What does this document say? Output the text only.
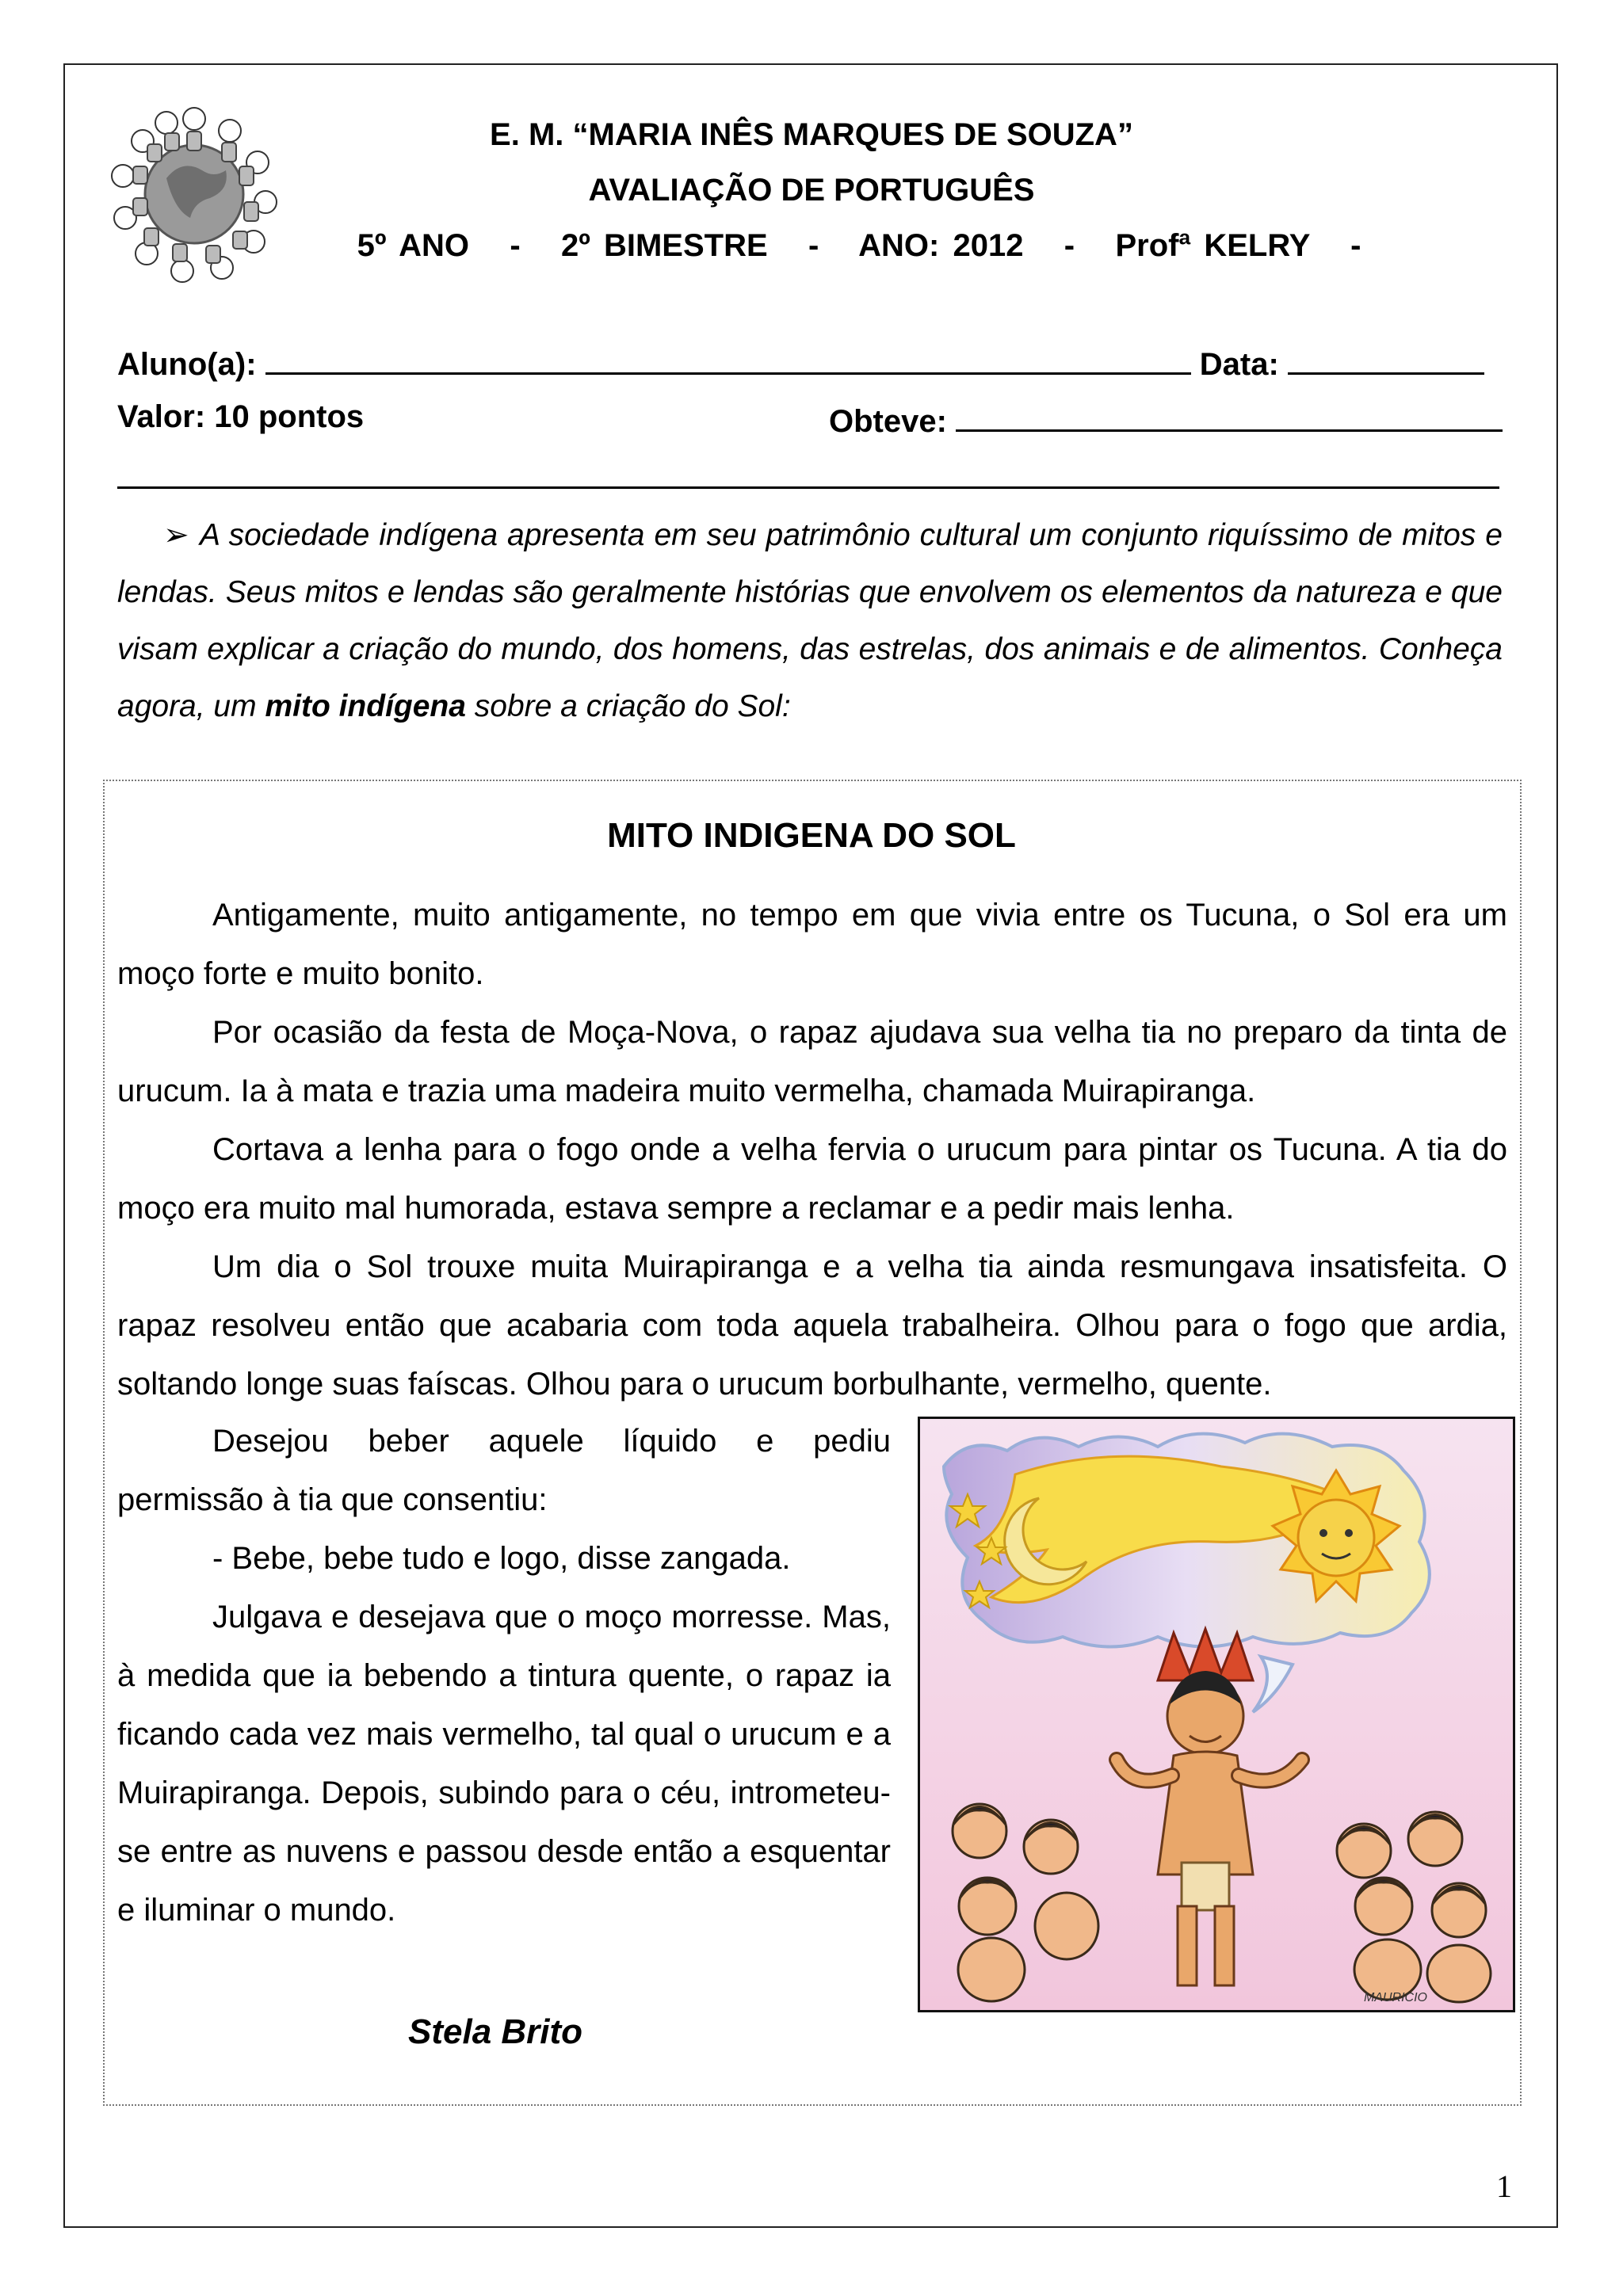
E. M. “MARIA INÊS MARQUES DE SOUZA”
AVALIAÇÃO DE PORTUGUÊS
5º ANO   -   2º BIMESTRE   -   ANO: 2012   -   Profª KELRY   -
Aluno(a):	Data:
Valor: 10 pontos	Obteve:
➢ A sociedade indígena apresenta em seu patrimônio cultural um conjunto riquíssimo de mitos e lendas. Seus mitos e lendas são geralmente histórias que envolvem os elementos da natureza e que visam explicar a criação do mundo, dos homens, das estrelas, dos animais e de alimentos. Conheça agora, um mito indígena sobre a criação do Sol:
MITO INDIGENA DO SOL

Antigamente, muito antigamente, no tempo em que vivia entre os Tucuna, o Sol era um moço forte e muito bonito.

Por ocasião da festa de Moça-Nova, o rapaz ajudava sua velha tia no preparo da tinta de urucum. Ia à mata e trazia uma madeira muito vermelha, chamada Muirapiranga.

Cortava a lenha para o fogo onde a velha fervia o urucum para pintar os Tucuna. A tia do moço era muito mal humorada, estava sempre a reclamar e a pedir mais lenha.

Um dia o Sol trouxe muita Muirapiranga e a velha tia ainda resmungava insatisfeita. O rapaz resolveu então que acabaria com toda aquela trabalheira. Olhou para o fogo que ardia, soltando longe suas faíscas. Olhou para o urucum borbulhante, vermelho, quente.

Desejou beber aquele líquido e pediu permissão à tia que consentiu:

- Bebe, bebe tudo e logo, disse zangada.

Julgava e desejava que o moço morresse. Mas, à medida que ia bebendo a tintura quente, o rapaz ia ficando cada vez mais vermelho, tal qual o urucum e a Muirapiranga. Depois, subindo para o céu, intrometeu-se entre as nuvens e passou desde então a esquentar e iluminar o mundo.

Stela Brito
MAURICIO
1
